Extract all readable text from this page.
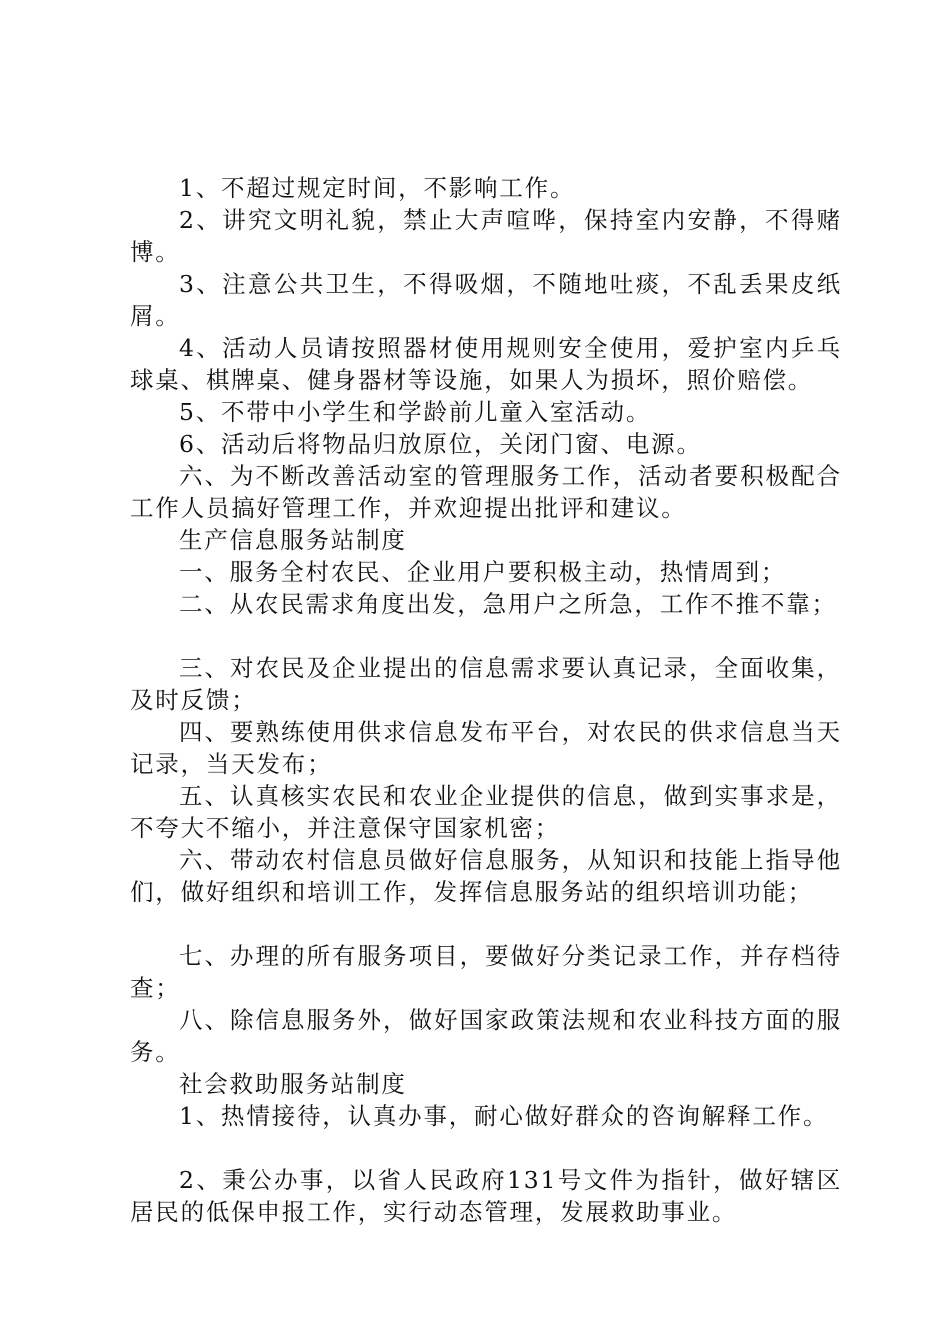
1、不超过规定时间，不影响工作。

2、讲究文明礼貌，禁止大声喧哗，保持室内安静，不得赌博。

3、注意公共卫生，不得吸烟，不随地吐痰，不乱丢果皮纸屑。

4、活动人员请按照器材使用规则安全使用，爱护室内乒乓球桌、棋牌桌、健身器材等设施，如果人为损坏，照价赔偿。

5、不带中小学生和学龄前儿童入室活动。

6、活动后将物品归放原位，关闭门窗、电源。

六、为不断改善活动室的管理服务工作，活动者要积极配合工作人员搞好管理工作，并欢迎提出批评和建议。

生产信息服务站制度

一、服务全村农民、企业用户要积极主动，热情周到；

二、从农民需求角度出发，急用户之所急，工作不推不靠；

三、对农民及企业提出的信息需求要认真记录，全面收集，及时反馈；

四、要熟练使用供求信息发布平台，对农民的供求信息当天记录，当天发布；

五、认真核实农民和农业企业提供的信息，做到实事求是，不夸大不缩小，并注意保守国家机密；

六、带动农村信息员做好信息服务，从知识和技能上指导他们，做好组织和培训工作，发挥信息服务站的组织培训功能；

七、办理的所有服务项目，要做好分类记录工作，并存档待查；

八、除信息服务外，做好国家政策法规和农业科技方面的服务。

社会救助服务站制度

1、热情接待，认真办事，耐心做好群众的咨询解释工作。

2、秉公办事，以省人民政府131号文件为指针，做好辖区居民的低保申报工作，实行动态管理，发展救助事业。
